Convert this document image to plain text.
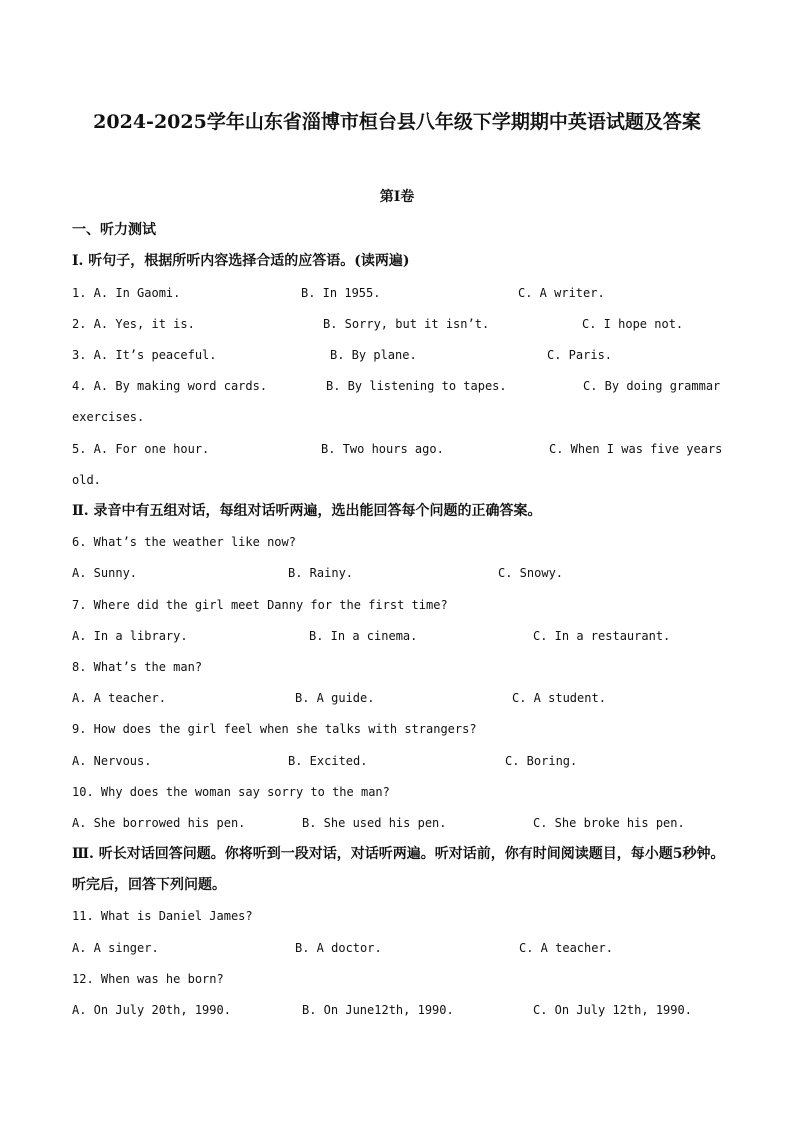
2024-2025学年山东省淄博市桓台县八年级下学期期中英语试题及答案
第Ⅰ卷
一、听力测试
Ⅰ. 听句子，根据所听内容选择合适的应答语。(读两遍)
1. A. In Gaomi.	B. In 1955.	C. A writer.
2. A. Yes, it is.	B. Sorry, but it isn’t.	C. I hope not.
3. A. It’s peaceful.	B. By plane.	C. Paris.
4. A. By making word cards.	B. By listening to tapes.	C. By doing grammar
exercises.
5. A. For one hour.	B. Two hours ago.	C. When I was five years
old.
Ⅱ. 录音中有五组对话，每组对话听两遍，选出能回答每个问题的正确答案。
6. What’s the weather like now?
A. Sunny.	B. Rainy.	C. Snowy.
7. Where did the girl meet Danny for the first time?
A. In a library.	B. In a cinema.	C. In a restaurant.
8. What’s the man?
A. A teacher.	B. A guide.	C. A student.
9. How does the girl feel when she talks with strangers?
A. Nervous.	B. Excited.	C. Boring.
10. Why does the woman say sorry to the man?
A. She borrowed his pen.	B. She used his pen.	C. She broke his pen.
Ⅲ. 听长对话回答问题。你将听到一段对话，对话听两遍。听对话前，你有时间阅读题目，每小题5秒钟。
听完后，回答下列问题。
11. What is Daniel James?
A. A singer.	B. A doctor.	C. A teacher.
12. When was he born?
A. On July 20th, 1990.	B. On June12th, 1990.	C. On July 12th, 1990.
